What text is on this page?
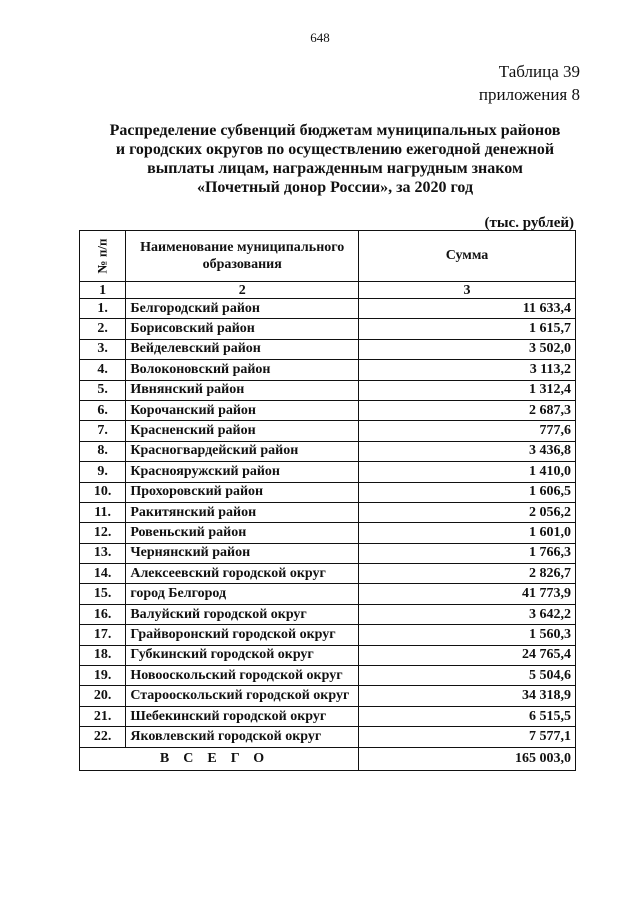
648
Таблица 39
приложения 8
Распределение субвенций бюджетам муниципальных районов
и городских округов по осуществлению ежегодной денежной
выплаты лицам, награжденным нагрудным знаком
«Почетный донор России», за 2020 год
(тыс. рублей)
№ п/п	Наименование муниципального образования	Сумма
1	2	3
1.	Белгородский район	11 633,4
2.	Борисовский район	1 615,7
3.	Вейделевский район	3 502,0
4.	Волоконовский район	3 113,2
5.	Ивнянский район	1 312,4
6.	Корочанский район	2 687,3
7.	Красненский район	777,6
8.	Красногвардейский район	3 436,8
9.	Краснояружский район	1 410,0
10.	Прохоровский район	1 606,5
11.	Ракитянский район	2 056,2
12.	Ровеньский район	1 601,0
13.	Чернянский район	1 766,3
14.	Алексеевский городской округ	2 826,7
15.	город Белгород	41 773,9
16.	Валуйский городской округ	3 642,2
17.	Грайворонский городской округ	1 560,3
18.	Губкинский городской округ	24 765,4
19.	Новооскольский городской округ	5 504,6
20.	Старооскольский городской округ	34 318,9
21.	Шебекинский городской округ	6 515,5
22.	Яковлевский городской округ	7 577,1
ВСЕГО		165 003,0
